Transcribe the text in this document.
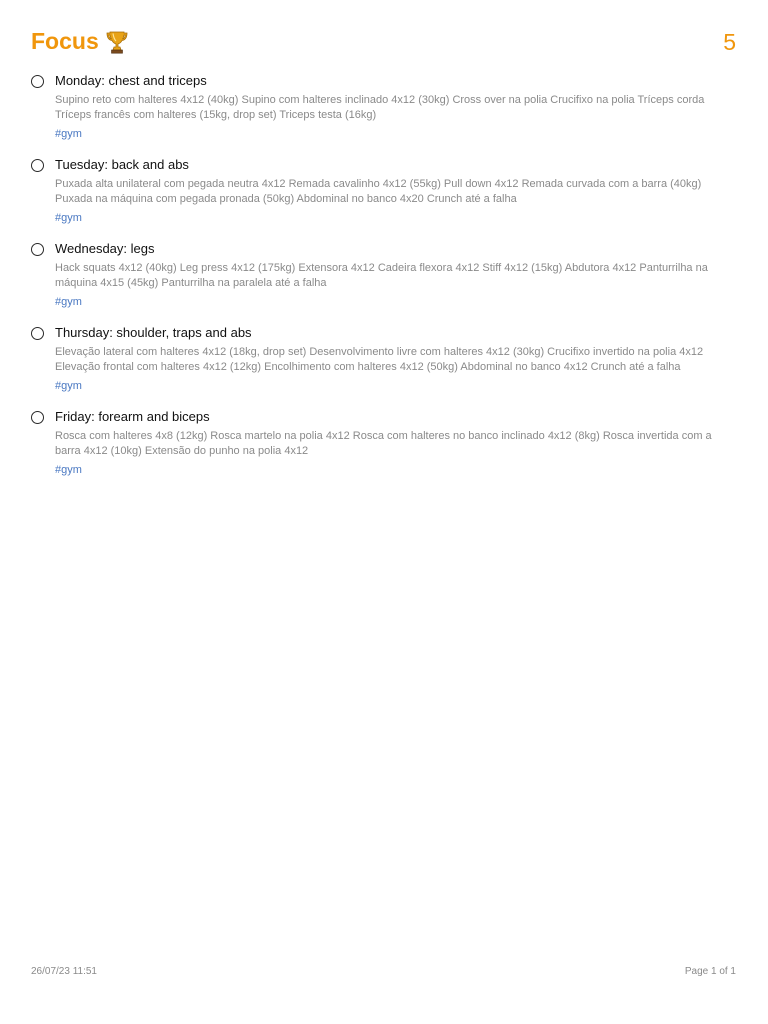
Focus	5
Monday: chest and triceps
Supino reto com halteres 4x12 (40kg) Supino com halteres inclinado 4x12 (30kg) Cross over na polia Crucifixo na polia Tríceps corda Tríceps francês com halteres (15kg, drop set) Triceps testa (16kg)
#gym
Tuesday: back and abs
Puxada alta unilateral com pegada neutra 4x12 Remada cavalinho 4x12 (55kg) Pull down 4x12 Remada curvada com a barra (40kg) Puxada na máquina com pegada pronada (50kg) Abdominal no banco 4x20 Crunch até a falha
#gym
Wednesday: legs
Hack squats 4x12 (40kg) Leg press 4x12 (175kg) Extensora 4x12 Cadeira flexora 4x12 Stiff 4x12 (15kg) Abdutora 4x12 Panturrilha na máquina 4x15 (45kg) Panturrilha na paralela até a falha
#gym
Thursday: shoulder, traps and abs
Elevação lateral com halteres 4x12 (18kg, drop set) Desenvolvimento livre com halteres 4x12 (30kg) Crucifixo invertido na polia 4x12 Elevação frontal com halteres 4x12 (12kg) Encolhimento com halteres 4x12 (50kg) Abdominal no banco 4x12 Crunch até a falha
#gym
Friday: forearm and biceps
Rosca com halteres 4x8 (12kg) Rosca martelo na polia 4x12 Rosca com halteres no banco inclinado 4x12 (8kg) Rosca invertida com a barra 4x12 (10kg) Extensão do punho na polia 4x12
#gym
26/07/23 11:51	Page 1 of 1
